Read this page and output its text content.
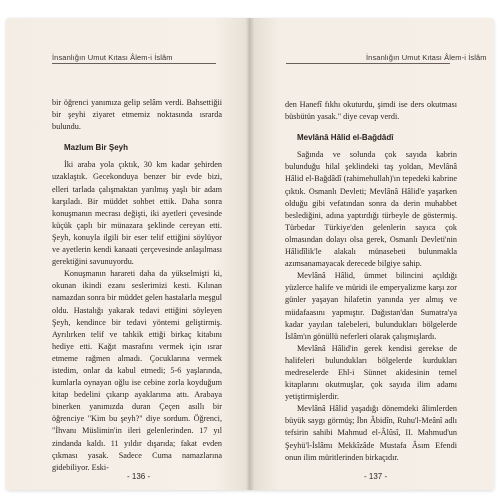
İnsanlığın Umut Kıtası Âlem-i İslâm

bir öğrenci yanımıza gelip selâm verdi. Bahsettiğii bir şeyhi ziyaret etmemiz noktasında ısrarda bulundu.

Mazlum Bir Şeyh

İki araba yola çıktık, 30 km kadar şehirden uzaklaştık. Gecekonduya benzer bir evde bizi, elleri tarlada çalışmaktan yarılmış yaşlı bir adam karşıladı. Bir müddet sohbet ettik. Daha sonra konuşmanın mecrası değişti, iki ayetleri çevesinde küçük çaplı bir münazara şeklinde cereyan etti. Şeyh, konuyla ilgili bir eser telif ettiğini söylüyor ve ayetlerin kendi kanaati çerçevesinde anlaşılması gerektiğini savunuyordu.

Konuşmanın harareti daha da yükselmişti ki, okunan ikindi ezanı seslerimizi kesti. Kılınan namazdan sonra bir müddet gelen hastalarla meşgul oldu. Hastalığı yakarak tedavi ettiğini söyleyen Şeyh, kendince bir tedavi yöntemi geliştirmiş. Ayrılırken telif ve tahkik ettiği birkaç kitabını hediye etti. Kağıt masrafını vermek için ısrar etmeme rağmen almadı. Çocuklarına vermek istedim, onlar da kabul etmedi; 5-6 yaşlarında, kumlarla oynayan oğlu ise cebine zorla koyduğum kitap bedelini çıkarıp ayaklarıma attı. Arabaya binerken yanımızda duran Çeçen asıllı bir öğrenciye "Kim bu şeyh?" diye sordum. Öğrenci, "İhvanı Müslimin'in ileri gelenlerinden. 17 yıl zindanda kaldı. 11 yıldır dışarıda; fakat evden çıkması yasak. Sadece Cuma namazlarına gidebiliyor. Eski-

- 136 -
İnsanlığın Umut Kıtası Âlem-i İslâm

den Hanefî fıkhı okuturdu, şimdi ise ders okutması büsbütün yasak." diye cevap verdi.

Mevlânâ Hâlid el-Bağdâdî

Sağında ve solunda çok sayıda kabrin bulunduğu hilal şeklindeki taş yoldan, Mevlânâ Hâlid el-Bağdâdî (rahimehullah)'ın tepedeki kabrine çıktık. Osmanlı Devleti; Mevlânâ Hâlid'e yaşarken olduğu gibi vefatından sonra da derin muhabbet beslediğini, adına yaptırdığı türbeyle de göstermiş. Türbedar Türkiye'den gelenlerin sayıca çok olmasından dolayı olsa gerek, Osmanlı Devleti'nin Hâlidîlik'le alakalı münasebeti bulunmakla azımsanamayacak derecede bilgiye sahip.

Mevlânâ Hâlid, ümmet bilincini açıldığı yüzlerce halife ve müridi ile emperyalizme karşı zor günler yaşayan hilafetin yanında yer almış ve müdafaasını yapmıştır. Dağıstan'dan Sumatra'ya kadar yayılan talebeleri, bulundukları bölgelerde İslâm'ın gönüllü neferleri olarak çalışmışlardı.

Mevlânâ Hâlid'in gerek kendisi gerekse de halifeleri bulundukları bölgelerde kurdukları medreselerde Ehl-i Sünnet akidesinin temel kitaplarını okutmuşlar, çok sayıda ilim adamı yetiştirmişlerdir.

Mevlânâ Hâlid yaşadığı dönemdeki âlimlerden büyük saygı görmüş; İbn Âbidîn, Ruhu'l-Meânî adlı tefsirin sahibi Mahmud el-Âlûsî, II. Mahmud'un Şeyhü'l-İslâmı Mekkîzâde Mustafa Âsım Efendi onun ilim müritlerinden birkaçıdır.

- 137 -
